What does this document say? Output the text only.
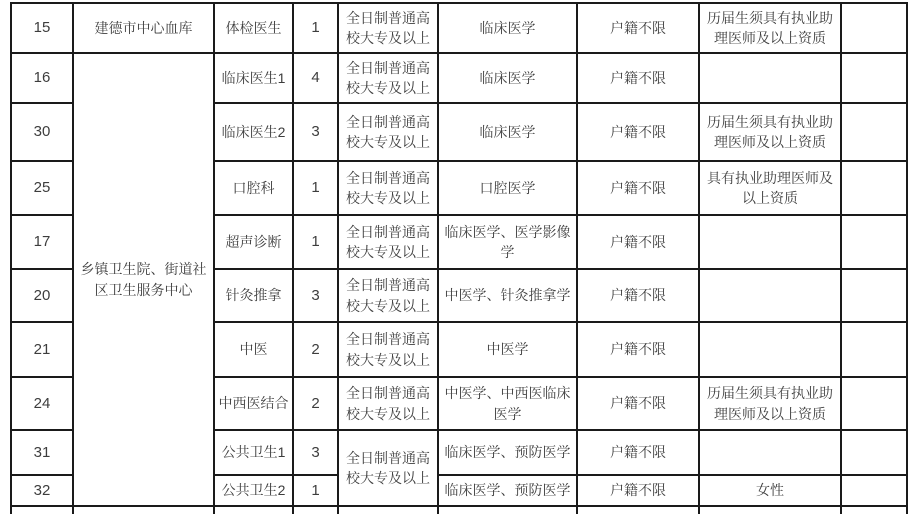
15	建德市中心血库	体检医生	1	全日制普通高校大专及以上	临床医学	户籍不限	历届生须具有执业助理医师及以上资质	
16	乡镇卫生院、街道社区卫生服务中心	临床医生1	4	全日制普通高校大专及以上	临床医学	户籍不限		
30		临床医生2	3	全日制普通高校大专及以上	临床医学	户籍不限	历届生须具有执业助理医师及以上资质	
25		口腔科	1	全日制普通高校大专及以上	口腔医学	户籍不限	具有执业助理医师及以上资质	
17		超声诊断	1	全日制普通高校大专及以上	临床医学、医学影像学	户籍不限		
20		针灸推拿	3	全日制普通高校大专及以上	中医学、针灸推拿学	户籍不限		
21		中医	2	全日制普通高校大专及以上	中医学	户籍不限		
24		中西医结合	2	全日制普通高校大专及以上	中医学、中西医临床医学	户籍不限	历届生须具有执业助理医师及以上资质	
31		公共卫生1	3	全日制普通高校大专及以上	临床医学、预防医学	户籍不限		
32		公共卫生2	1		临床医学、预防医学	户籍不限	女性	
